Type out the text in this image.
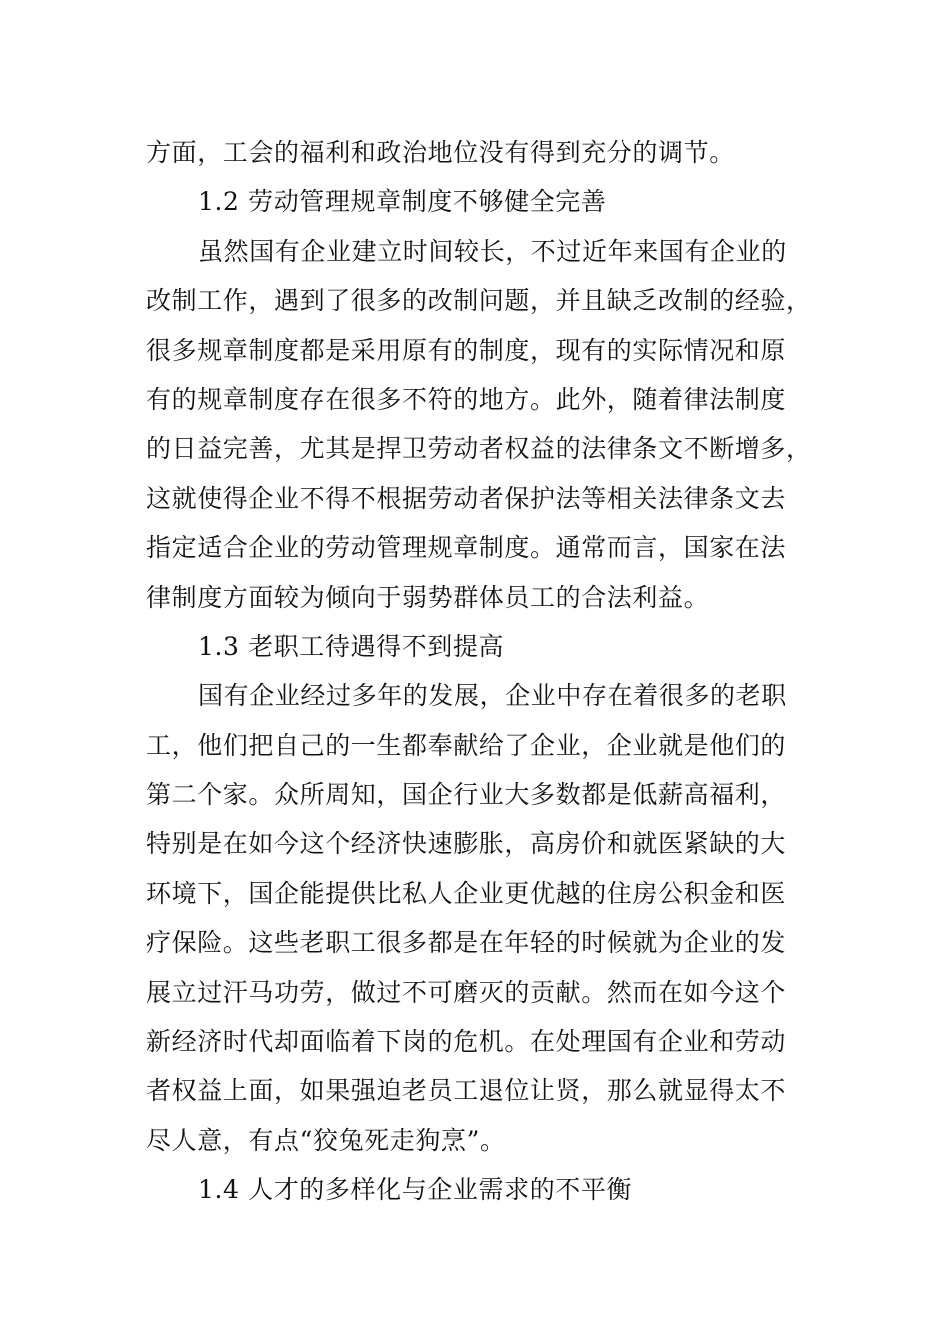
方面，工会的福利和政治地位没有得到充分的调节。
1.2 劳动管理规章制度不够健全完善
虽然国有企业建立时间较长，不过近年来国有企业的
改制工作，遇到了很多的改制问题，并且缺乏改制的经验，
很多规章制度都是采用原有的制度，现有的实际情况和原
有的规章制度存在很多不符的地方。此外，随着律法制度
的日益完善，尤其是捍卫劳动者权益的法律条文不断增多，
这就使得企业不得不根据劳动者保护法等相关法律条文去
指定适合企业的劳动管理规章制度。通常而言，国家在法
律制度方面较为倾向于弱势群体员工的合法利益。
1.3 老职工待遇得不到提高
国有企业经过多年的发展，企业中存在着很多的老职
工，他们把自己的一生都奉献给了企业，企业就是他们的
第二个家。众所周知，国企行业大多数都是低薪高福利，
特别是在如今这个经济快速膨胀，高房价和就医紧缺的大
环境下，国企能提供比私人企业更优越的住房公积金和医
疗保险。这些老职工很多都是在年轻的时候就为企业的发
展立过汗马功劳，做过不可磨灭的贡献。然而在如今这个
新经济时代却面临着下岗的危机。在处理国有企业和劳动
者权益上面，如果强迫老员工退位让贤，那么就显得太不
尽人意，有点“狡兔死走狗烹”。
1.4 人才的多样化与企业需求的不平衡
